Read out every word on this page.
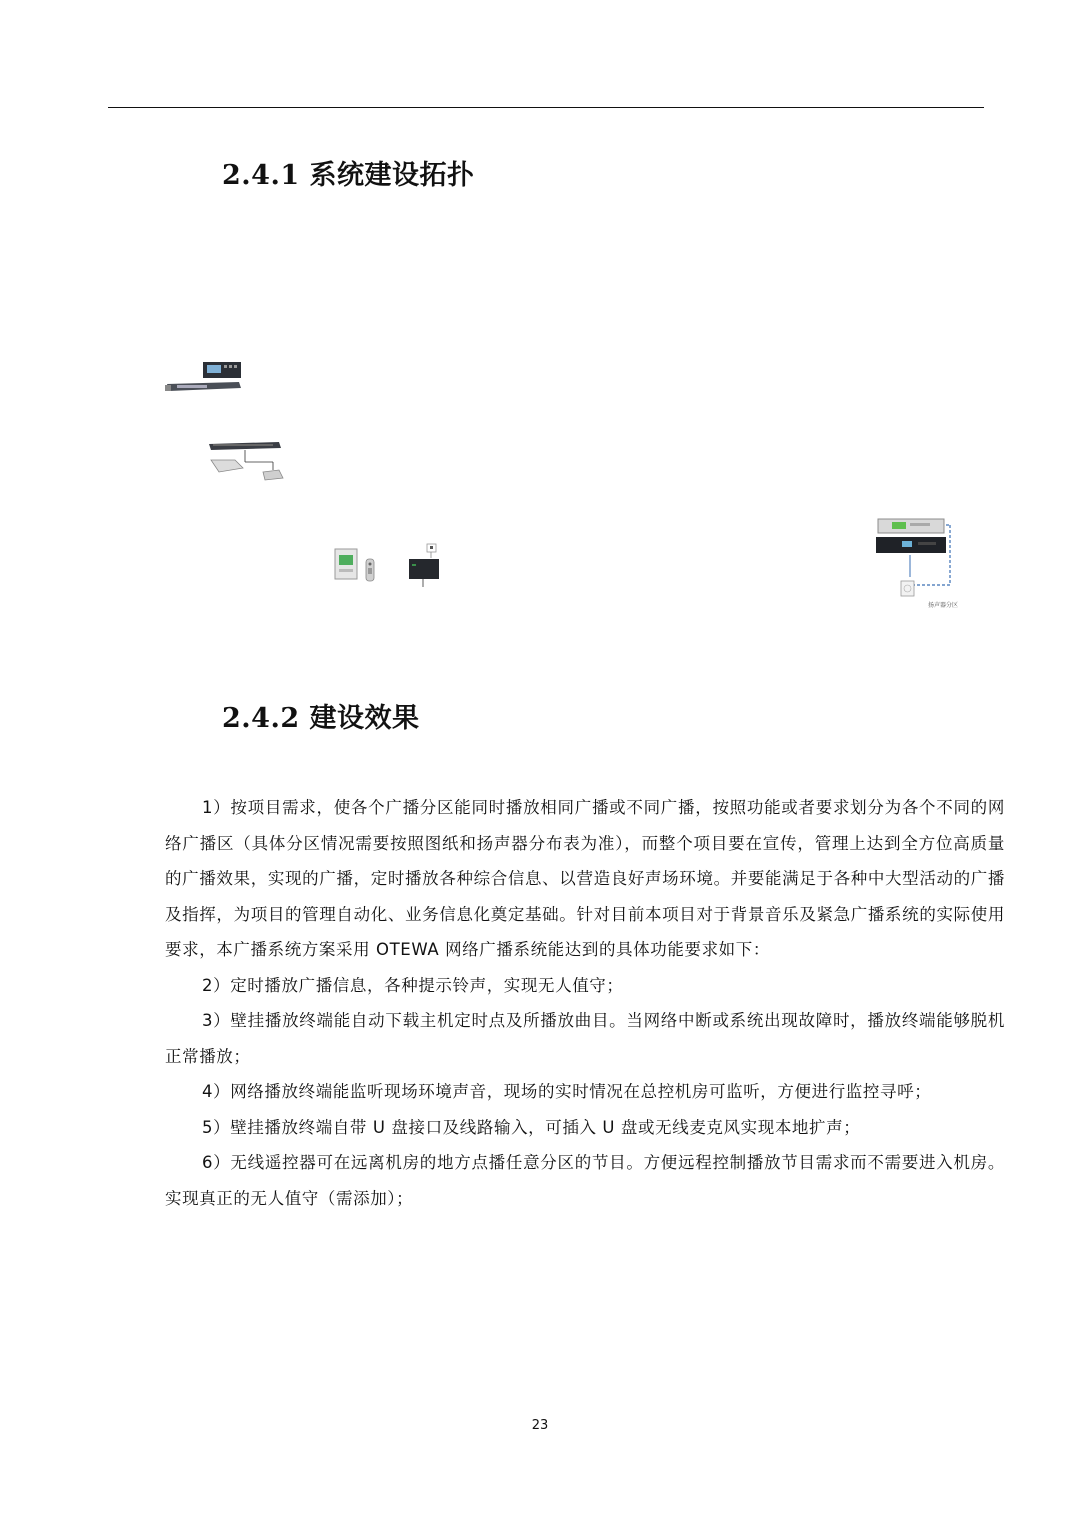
2.4.1 系统建设拓扑
扬声器分区
2.4.2 建设效果

1）按项目需求，使各个广播分区能同时播放相同广播或不同广播，按照功能或者要求划分为各个不同的网络广播区（具体分区情况需要按照图纸和扬声器分布表为准），而整个项目要在宣传，管理上达到全方位高质量的广播效果，实现的广播，定时播放各种综合信息、以营造良好声场环境。并要能满足于各种中大型活动的广播及指挥，为项目的管理自动化、业务信息化奠定基础。针对目前本项目对于背景音乐及紧急广播系统的实际使用要求，本广播系统方案采用 OTEWA 网络广播系统能达到的具体功能要求如下：

2）定时播放广播信息，各种提示铃声，实现无人值守；

3）壁挂播放终端能自动下载主机定时点及所播放曲目。当网络中断或系统出现故障时，播放终端能够脱机正常播放；

4）网络播放终端能监听现场环境声音，现场的实时情况在总控机房可监听，方便进行监控寻呼；

5）壁挂播放终端自带 U 盘接口及线路输入，可插入 U 盘或无线麦克风实现本地扩声；

6）无线遥控器可在远离机房的地方点播任意分区的节目。方便远程控制播放节目需求而不需要进入机房。实现真正的无人值守（需添加）；

23
